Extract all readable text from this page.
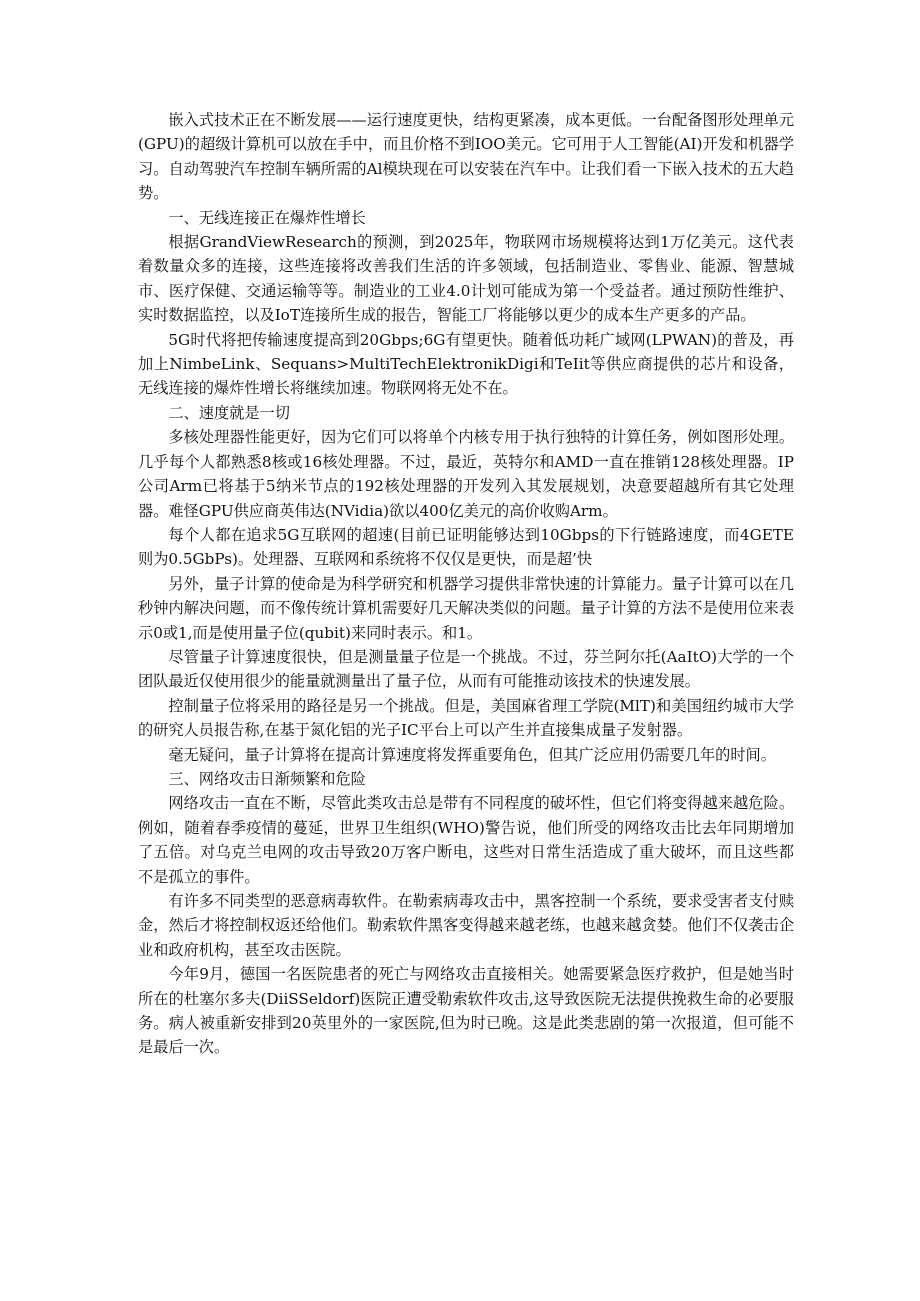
嵌入式技术正在不断发展——运行速度更快，结构更紧凑，成本更低。一台配备图形处理单元(GPU)的超级计算机可以放在手中，而且价格不到IOO美元。它可用于人工智能(AI)开发和机器学习。自动驾驶汽车控制车辆所需的Al模块现在可以安装在汽车中。让我们看一下嵌入技术的五大趋势。

一、无线连接正在爆炸性增长

根据GrandViewResearch的预测，到2025年，物联网市场规模将达到1万亿美元。这代表着数量众多的连接，这些连接将改善我们生活的许多领域，包括制造业、零售业、能源、智慧城市、医疗保健、交通运输等等。制造业的工业4.0计划可能成为第一个受益者。通过预防性维护、实时数据监控，以及IoT连接所生成的报告，智能工厂将能够以更少的成本生产更多的产品。

5G时代将把传输速度提高到20Gbps;6G有望更快。随着低功耗广域网(LPWAN)的普及，再加上NimbeLink、Sequans>MultiTechElektronikDigi和TeIit等供应商提供的芯片和设备，无线连接的爆炸性增长将继续加速。物联网将无处不在。

二、速度就是一切

多核处理器性能更好，因为它们可以将单个内核专用于执行独特的计算任务，例如图形处理。几乎每个人都熟悉8核或16核处理器。不过，最近，英特尔和AMD一直在推销128核处理器。IP公司Arm已将基于5纳米节点的192核处理器的开发列入其发展规划，决意要超越所有其它处理器。难怪GPU供应商英伟达(NVidia)欲以400亿美元的高价收购Arm。

每个人都在追求5G互联网的超速(目前已证明能够达到10Gbps的下行链路速度，而4GETE则为0.5GbPs)。处理器、互联网和系统将不仅仅是更快，而是超’快

另外，量子计算的使命是为科学研究和机器学习提供非常快速的计算能力。量子计算可以在几秒钟内解决问题，而不像传统计算机需要好几天解决类似的问题。量子计算的方法不是使用位来表示0或1,而是使用量子位(qubit)来同时表示。和1。

尽管量子计算速度很快，但是测量量子位是一个挑战。不过，芬兰阿尔托(AaItO)大学的一个团队最近仅使用很少的能量就测量出了量子位，从而有可能推动该技术的快速发展。

控制量子位将采用的路径是另一个挑战。但是，美国麻省理工学院(MlT)和美国纽约城市大学的研究人员报告称,在基于氮化铝的光子IC平台上可以产生并直接集成量子发射器。

毫无疑问，量子计算将在提高计算速度将发挥重要角色，但其广泛应用仍需要几年的时间。

三、网络攻击日渐频繁和危险

网络攻击一直在不断，尽管此类攻击总是带有不同程度的破坏性，但它们将变得越来越危险。例如，随着春季疫情的蔓延，世界卫生组织(WHO)警告说，他们所受的网络攻击比去年同期增加了五倍。对乌克兰电网的攻击导致20万客户断电，这些对日常生活造成了重大破坏，而且这些都不是孤立的事件。

有许多不同类型的恶意病毒软件。在勒索病毒攻击中，黑客控制一个系统，要求受害者支付赎金，然后才将控制权返还给他们。勒索软件黑客变得越来越老练，也越来越贪婪。他们不仅袭击企业和政府机构，甚至攻击医院。

今年9月，德国一名医院患者的死亡与网络攻击直接相关。她需要紧急医疗救护，但是她当时所在的杜塞尔多夫(DiiSSeldorf)医院正遭受勒索软件攻击,这导致医院无法提供挽救生命的必要服务。病人被重新安排到20英里外的一家医院,但为时已晚。这是此类悲剧的第一次报道，但可能不是最后一次。
